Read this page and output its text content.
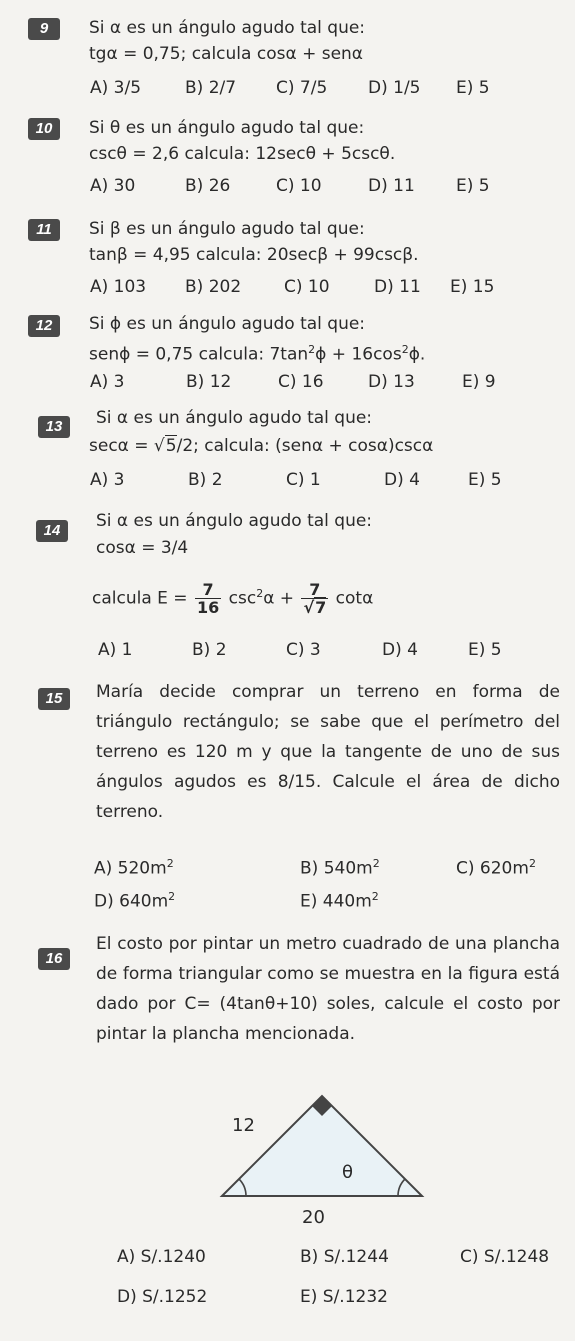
9	Si α es un ángulo agudo tal que:
tgα = 0,75; calcula cosα + senα
A) 3/5	B) 2/7 C) 7/5 D) 1/5 E) 5
10	Si θ es un ángulo agudo tal que:
cscθ = 2,6 calcula: 12secθ + 5cscθ.
A) 30	B) 26	C) 10	D) 11 E) 5
11	Si β es un ángulo agudo tal que:
tanβ = 4,95 calcula: 20secβ + 99cscβ.
A) 103 B) 202	C) 10	D) 11 E) 15
12	Si ϕ es un ángulo agudo tal que:
senϕ = 0,75 calcula: $7\tan^2\phi + 16\cos^2\phi$.
A) 3	B) 12	C) 16	D) 13	E) 9
13	Si α es un ángulo agudo tal que:
secα = √5/2; calcula: (senα + cosα)cscα
A) 3	B) 2	C) 1	D) 4	E) 5
14	Si α es un ángulo agudo tal que:
cosα = 3/4
calcula $E = \frac{7}{16} \csc^2\alpha + \frac{7}{√7}$ cotα
A) 1	B) 2	C) 3	D) 4	E) 5
15	María decide comprar un terreno en forma de triángulo rectángulo; se sabe que el perímetro del terreno es 120 m y que la tangente de uno de sus ángulos agudos es 8/15. Calcule el área de dicho terreno.
A) $520m^2$	B) $540m^2$	C) $620m^2$
D) $640m^2$	E) $440m^2$
16
El costo por pintar un metro cuadrado de una plancha de forma triangular como se muestra en la figura está dado por C= (4tanθ+10) soles, calcule el costo por pintar la plancha mencionada.
12
θ
20
A) S/.1240	B) S/.1244	C) S/.1248
D) S/.1252	E) S/.1232
